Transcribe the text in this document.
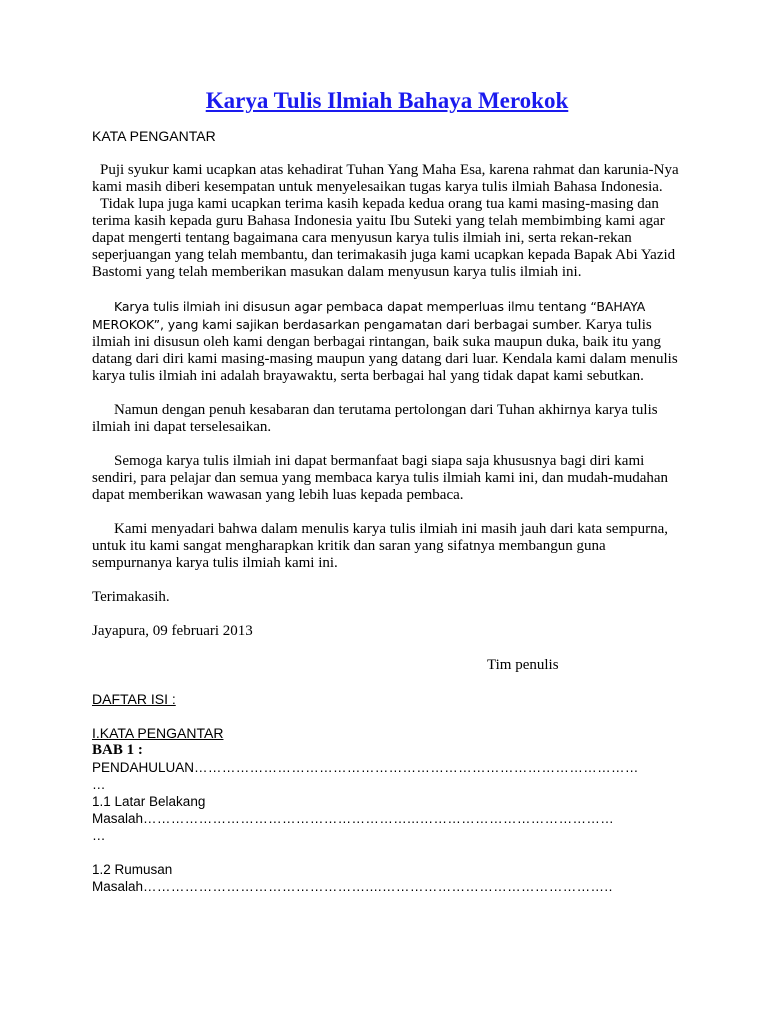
Karya Tulis Ilmiah Bahaya Merokok
KATA PENGANTAR

Puji syukur kami ucapkan atas kehadirat Tuhan Yang Maha Esa, karena rahmat dan karunia-Nya kami masih diberi kesempatan untuk menyelesaikan tugas karya tulis ilmiah Bahasa Indonesia.

Tidak lupa juga kami ucapkan terima kasih kepada kedua orang tua kami masing-masing dan terima kasih kepada guru Bahasa Indonesia yaitu Ibu Suteki yang telah membimbing kami agar dapat mengerti tentang bagaimana cara menyusun karya tulis ilmiah ini, serta rekan-rekan seperjuangan yang telah membantu, dan terimakasih juga kami ucapkan kepada Bapak Abi Yazid Bastomi yang telah memberikan masukan dalam menyusun karya tulis ilmiah ini.

Karya tulis ilmiah ini disusun agar pembaca dapat memperluas ilmu tentang “BAHAYA MEROKOK”, yang kami sajikan berdasarkan pengamatan dari berbagai sumber. Karya tulis ilmiah ini disusun oleh kami dengan berbagai rintangan, baik suka maupun duka, baik itu yang datang dari diri kami masing-masing maupun yang datang dari luar. Kendala kami dalam menulis karya tulis ilmiah ini adalah brayawaktu, serta berbagai hal yang tidak dapat kami sebutkan.

Namun dengan penuh kesabaran dan terutama pertolongan dari Tuhan akhirnya karya tulis ilmiah ini dapat terselesaikan.

Semoga karya tulis ilmiah ini dapat bermanfaat bagi siapa saja khususnya bagi diri kami sendiri, para pelajar dan semua yang membaca karya tulis ilmiah kami ini, dan mudah-mudahan dapat memberikan wawasan yang lebih luas kepada pembaca.

Kami menyadari bahwa dalam menulis karya tulis ilmiah ini masih jauh dari kata sempurna, untuk itu kami sangat mengharapkan kritik dan saran yang sifatnya membangun guna sempurnanya karya tulis ilmiah kami ini.

Terimakasih.

Jayapura, 09 februari 2013

Tim penulis

DAFTAR ISI :

I.KATA PENGANTAR

BAB 1 :

PENDAHULUAN……………………………………………………………………………………

…

1.1 Latar Belakang

Masalah…………………………………………………...……………………………………

…

1.2 Rumusan

Masalah…………………………………………....…………………………………………..
